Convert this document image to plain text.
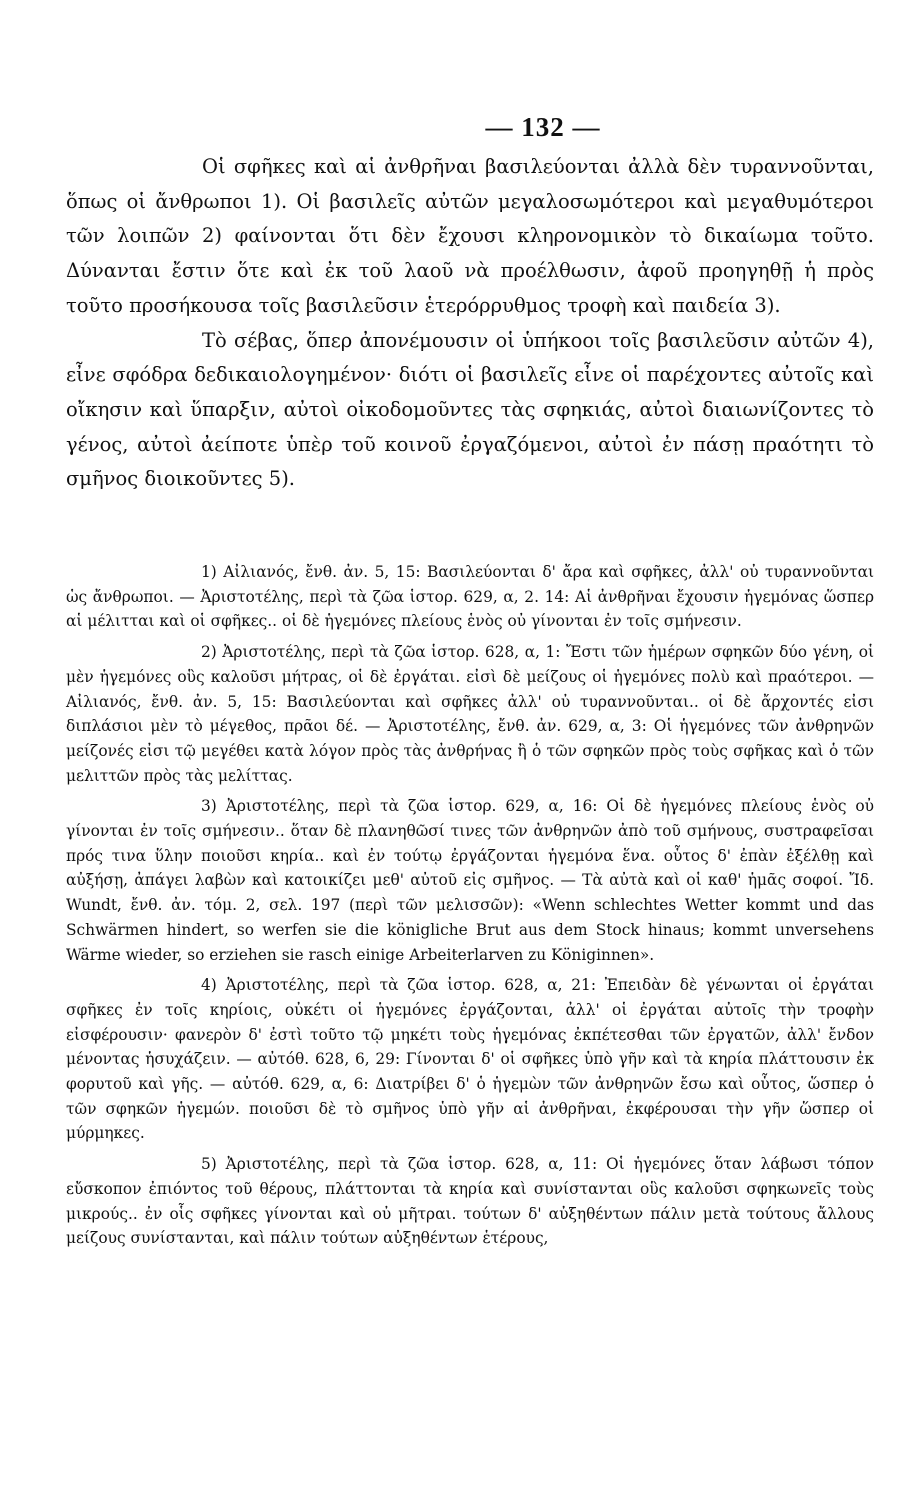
— 132 —

Οἱ σφῆκες καὶ αἱ ἀνθρῆναι βασιλεύονται ἀλλὰ δὲν τυραννοῦνται, ὅπως οἱ ἄνθρωποι 1). Οἱ βασιλεῖς αὐτῶν μεγαλοσωμότεροι καὶ μεγαθυμότεροι τῶν λοιπῶν 2) φαίνονται ὅτι δὲν ἔχουσι κληρονομικὸν τὸ δικαίωμα τοῦτο. Δύνανται ἔστιν ὅτε καὶ ἐκ τοῦ λαοῦ νὰ προέλθωσιν, ἀφοῦ προηγηθῇ ἡ πρὸς τοῦτο προσήκουσα τοῖς βασιλεῦσιν ἑτερόρρυθμος τροφὴ καὶ παιδεία 3).

Τὸ σέβας, ὅπερ ἀπονέμουσιν οἱ ὑπήκοοι τοῖς βασιλεῦσιν αὐτῶν 4), εἶνε σφόδρα δεδικαιολογημένον· διότι οἱ βασιλεῖς εἶνε οἱ παρέχοντες αὐτοῖς καὶ οἴκησιν καὶ ὕπαρξιν, αὐτοὶ οἰκοδομοῦντες τὰς σφηκιάς, αὐτοὶ διαιωνίζοντες τὸ γένος, αὐτοὶ ἀείποτε ὑπὲρ τοῦ κοινοῦ ἐργαζόμενοι, αὐτοὶ ἐν πάσῃ πραότητι τὸ σμῆνος διοικοῦντες 5).

1) Αἰλιανός, ἔνθ. ἀν. 5, 15: Βασιλεύονται δ' ἄρα καὶ σφῆκες, ἀλλ' οὐ τυραννοῦνται ὡς ἄνθρωποι. — Ἀριστοτέλης, περὶ τὰ ζῶα ἱστορ. 629, α, 2. 14: Αἱ ἀνθρῆναι ἔχουσιν ἡγεμόνας ὥσπερ αἱ μέλιτται καὶ οἱ σφῆκες.. οἱ δὲ ἡγεμόνες πλείους ἑνὸς οὐ γίνονται ἐν τοῖς σμήνεσιν.

2) Ἀριστοτέλης, περὶ τὰ ζῶα ἱστορ. 628, α, 1: Ἔστι τῶν ἡμέρων σφηκῶν δύο γένη, οἱ μὲν ἡγεμόνες οὓς καλοῦσι μήτρας, οἱ δὲ ἐργάται. εἰσὶ δὲ μείζους οἱ ἡγεμόνες πολὺ καὶ πραότεροι. — Αἰλιανός, ἔνθ. ἀν. 5, 15: Βασιλεύονται καὶ σφῆκες ἀλλ' οὐ τυραννοῦνται.. οἱ δὲ ἄρχοντές εἰσι διπλάσιοι μὲν τὸ μέγεθος, πρᾶοι δέ. — Ἀριστοτέλης, ἔνθ. ἀν. 629, α, 3: Οἱ ἡγεμόνες τῶν ἀνθρηνῶν μείζονές εἰσι τῷ μεγέθει κατὰ λόγον πρὸς τὰς ἀνθρήνας ἢ ὁ τῶν σφηκῶν πρὸς τοὺς σφῆκας καὶ ὁ τῶν μελιττῶν πρὸς τὰς μελίττας.

3) Ἀριστοτέλης, περὶ τὰ ζῶα ἱστορ. 629, α, 16: Οἱ δὲ ἡγεμόνες πλείους ἑνὸς οὐ γίνονται ἐν τοῖς σμήνεσιν.. ὅταν δὲ πλανηθῶσί τινες τῶν ἀνθρηνῶν ἀπὸ τοῦ σμήνους, συστραφεῖσαι πρός τινα ὕλην ποιοῦσι κηρία.. καὶ ἐν τούτῳ ἐργάζονται ἡγεμόνα ἕνα. οὗτος δ' ἐπὰν ἐξέλθῃ καὶ αὐξήσῃ, ἀπάγει λαβὼν καὶ κατοικίζει μεθ' αὐτοῦ εἰς σμῆνος. — Τὰ αὐτὰ καὶ οἱ καθ' ἡμᾶς σοφοί. Ἴδ. Wundt, ἔνθ. ἀν. τόμ. 2, σελ. 197 (περὶ τῶν μελισσῶν): «Wenn schlechtes Wetter kommt und das Schwärmen hindert, so werfen sie die königliche Brut aus dem Stock hinaus; kommt unversehens Wärme wieder, so erziehen sie rasch einige Arbeiterlarven zu Königinnen».

4) Ἀριστοτέλης, περὶ τὰ ζῶα ἱστορ. 628, α, 21: Ἐπειδὰν δὲ γένωνται οἱ ἐργάται σφῆκες ἐν τοῖς κηρίοις, οὐκέτι οἱ ἡγεμόνες ἐργάζονται, ἀλλ' οἱ ἐργάται αὐτοῖς τὴν τροφὴν εἰσφέρουσιν· φανερὸν δ' ἐστὶ τοῦτο τῷ μηκέτι τοὺς ἡγεμόνας ἐκπέτεσθαι τῶν ἐργατῶν, ἀλλ' ἔνδον μένοντας ἡσυχάζειν. — αὐτόθ. 628, 6, 29: Γίνονται δ' οἱ σφῆκες ὑπὸ γῆν καὶ τὰ κηρία πλάττουσιν ἐκ φορυτοῦ καὶ γῆς. — αὐτόθ. 629, α, 6: Διατρίβει δ' ὁ ἡγεμὼν τῶν ἀνθρηνῶν ἔσω καὶ οὗτος, ὥσπερ ὁ τῶν σφηκῶν ἡγεμών. ποιοῦσι δὲ τὸ σμῆνος ὑπὸ γῆν αἱ ἀνθρῆναι, ἐκφέρουσαι τὴν γῆν ὥσπερ οἱ μύρμηκες.

5) Ἀριστοτέλης, περὶ τὰ ζῶα ἱστορ. 628, α, 11: Οἱ ἡγεμόνες ὅταν λάβωσι τόπον εὔσκοπον ἐπιόντος τοῦ θέρους, πλάττονται τὰ κηρία καὶ συνίστανται οὓς καλοῦσι σφηκωνεῖς τοὺς μικρούς.. ἐν οἷς σφῆκες γίνονται καὶ οὐ μῆτραι. τούτων δ' αὐξηθέντων πάλιν μετὰ τούτους ἄλλους μείζους συνίστανται, καὶ πάλιν τούτων αὐξηθέντων ἑτέρους,
